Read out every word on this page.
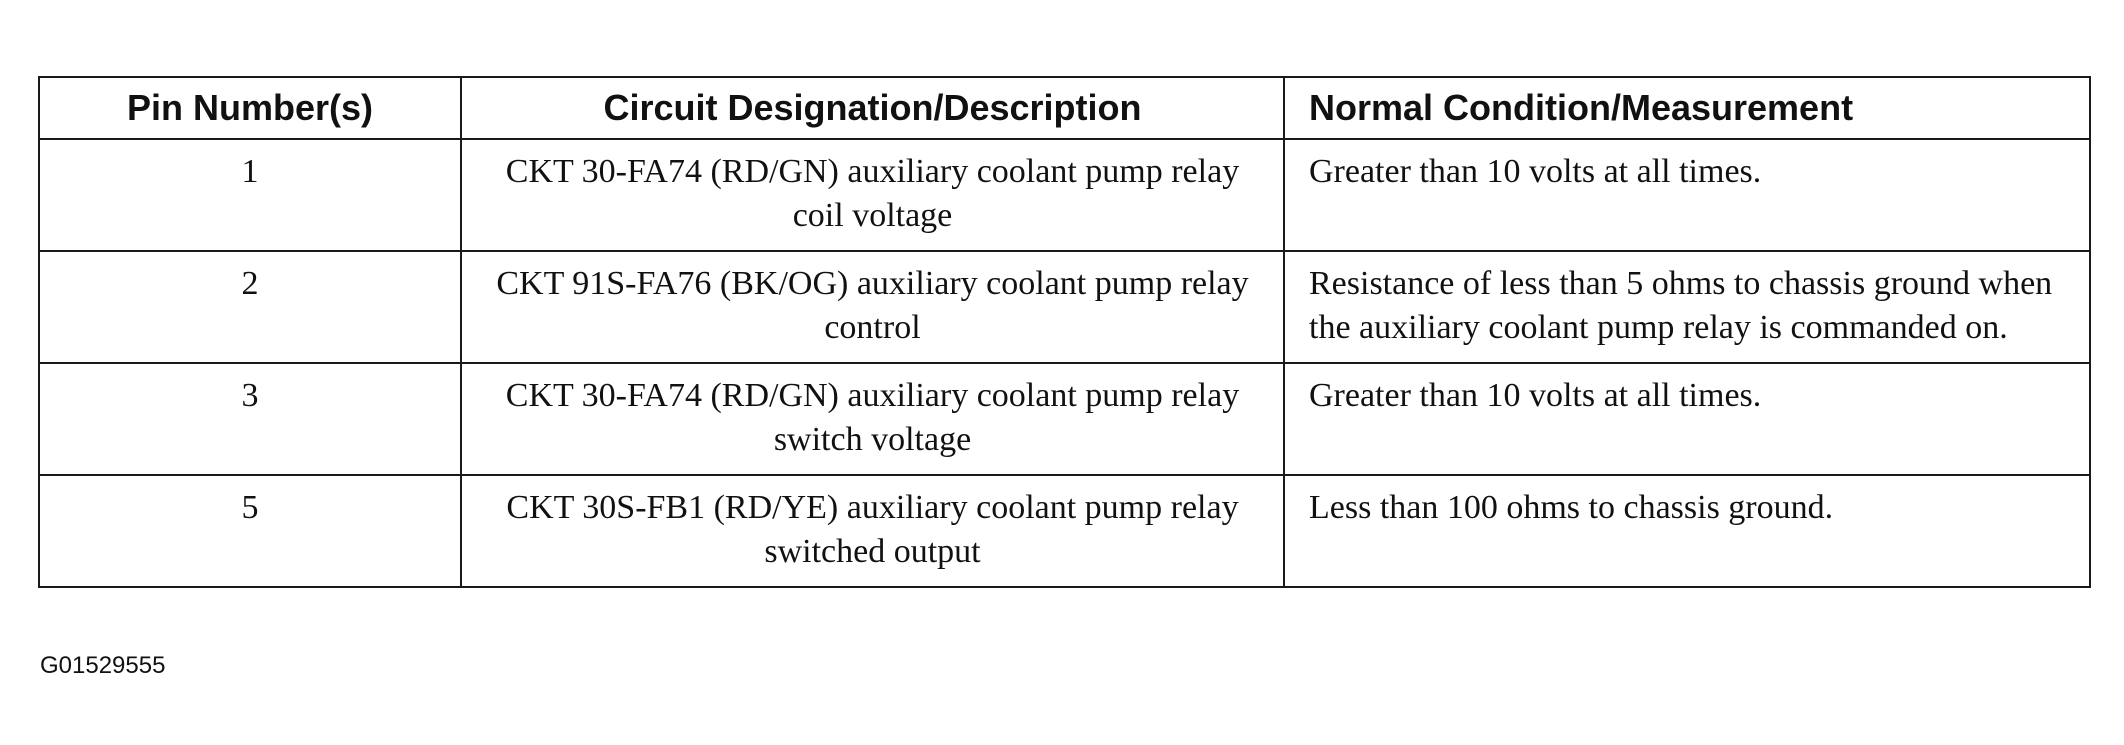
Pin Number(s)	Circuit Designation/Description	Normal Condition/Measurement
1	CKT 30-FA74 (RD/GN) auxiliary coolant pump relay coil voltage	Greater than 10 volts at all times.
2	CKT 91S-FA76 (BK/OG) auxiliary coolant pump relay control	Resistance of less than 5 ohms to chassis ground when the auxiliary coolant pump relay is commanded on.
3	CKT 30-FA74 (RD/GN) auxiliary coolant pump relay switch voltage	Greater than 10 volts at all times.
5	CKT 30S-FB1 (RD/YE) auxiliary coolant pump relay switched output	Less than 100 ohms to chassis ground.
G01529555
